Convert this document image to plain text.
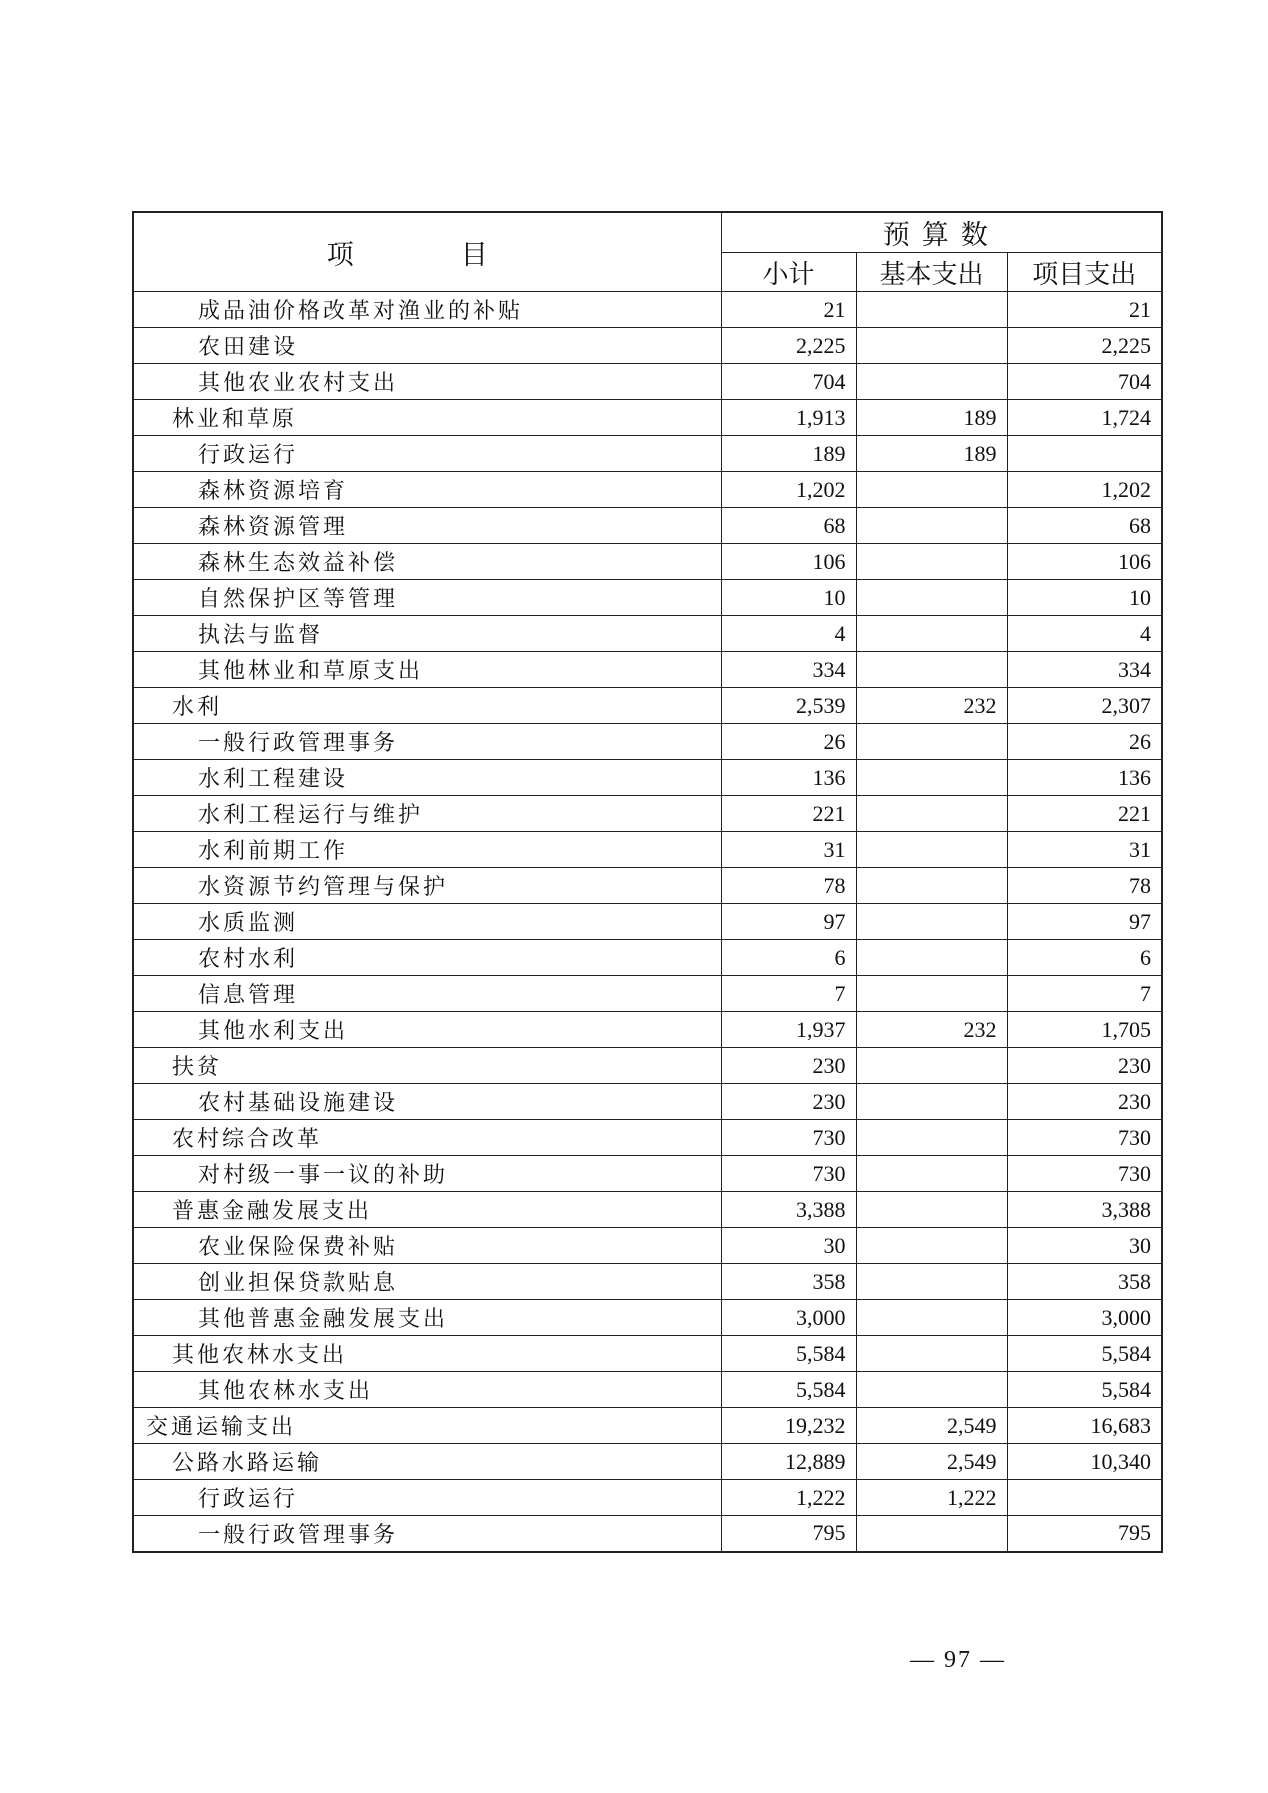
项　目	预算数		
	小计	基本支出	项目支出
成品油价格改革对渔业的补贴	21		21
农田建设	2,225		2,225
其他农业农村支出	704		704
林业和草原	1,913	189	1,724
行政运行	189	189	
森林资源培育	1,202		1,202
森林资源管理	68		68
森林生态效益补偿	106		106
自然保护区等管理	10		10
执法与监督	4		4
其他林业和草原支出	334		334
水利	2,539	232	2,307
一般行政管理事务	26		26
水利工程建设	136		136
水利工程运行与维护	221		221
水利前期工作	31		31
水资源节约管理与保护	78		78
水质监测	97		97
农村水利	6		6
信息管理	7		7
其他水利支出	1,937	232	1,705
扶贫	230		230
农村基础设施建设	230		230
农村综合改革	730		730
对村级一事一议的补助	730		730
普惠金融发展支出	3,388		3,388
农业保险保费补贴	30		30
创业担保贷款贴息	358		358
其他普惠金融发展支出	3,000		3,000
其他农林水支出	5,584		5,584
其他农林水支出	5,584		5,584
交通运输支出	19,232	2,549	16,683
公路水路运输	12,889	2,549	10,340
行政运行	1,222	1,222	
一般行政管理事务	795		795
— 97 —
